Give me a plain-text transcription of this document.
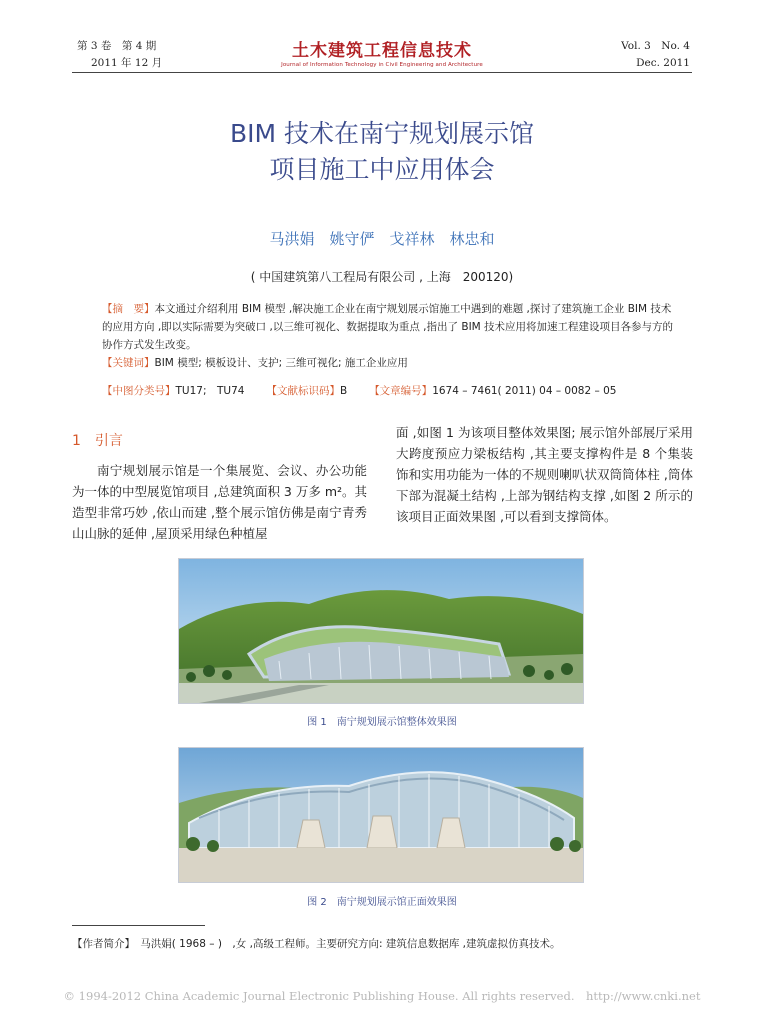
第 3 卷　第 4 期
2011 年 12 月
土木建筑工程信息技术
Journal of Information Technology in Civil Engineering and Architecture
Vol. 3　No. 4
Dec. 2011
BIM 技术在南宁规划展示馆
项目施工中应用体会
马洪娟　姚守俨　戈祥林　林忠和
( 中国建筑第八工程局有限公司 , 上海　200120)
【摘　要】本文通过介绍利用 BIM 模型 ,解决施工企业在南宁规划展示馆施工中遇到的难题 ,探讨了建筑施工企业 BIM 技术的应用方向 ,即以实际需要为突破口 ,以三维可视化、数据提取为重点 ,指出了 BIM 技术应用将加速工程建设项目各参与方的协作方式发生改变。
【关键词】BIM 模型; 模板设计、支护; 三维可视化; 施工企业应用
【中图分类号】TU17;　TU74 【文献标识码】B 【文章编号】1674 – 7461( 2011) 04 – 0082 – 05
1　引言
南宁规划展示馆是一个集展览、会议、办公功能为一体的中型展览馆项目 ,总建筑面积 3 万多 m²。其造型非常巧妙 ,依山而建 ,整个展示馆仿佛是南宁青秀山山脉的延伸 ,屋顶采用绿色种植屋
面 ,如图 1 为该项目整体效果图; 展示馆外部展厅采用大跨度预应力梁板结构 ,其主要支撑构件是 8 个集装饰和实用功能为一体的不规则喇叭状双筒筒体柱 ,筒体下部为混凝土结构 ,上部为钢结构支撑 ,如图 2 所示的该项目正面效果图 ,可以看到支撑筒体。
图 1　南宁规划展示馆整体效果图
图 2　南宁规划展示馆正面效果图
【作者简介】　 马洪娟( 1968 – )　,女 ,高级工程师。主要研究方向: 建筑信息数据库 ,建筑虚拟仿真技术。
© 1994-2012 China Academic Journal Electronic Publishing House. All rights reserved.　http://www.cnki.net
